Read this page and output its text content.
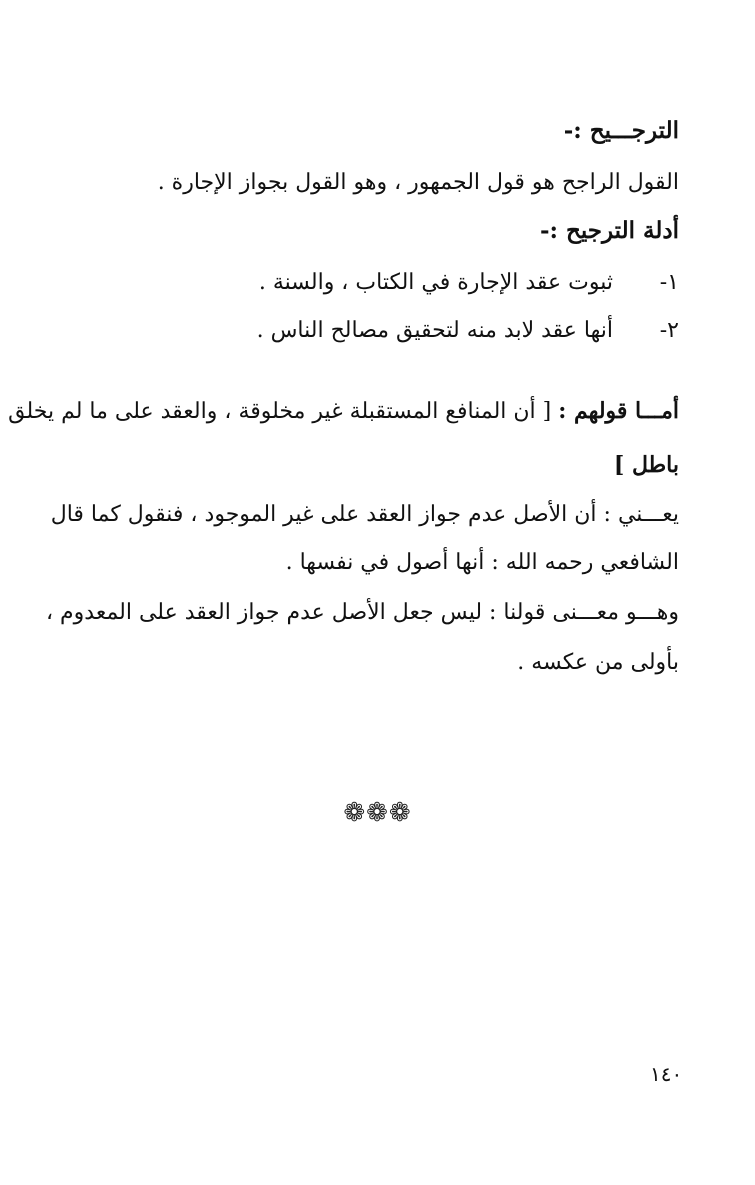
الترجـــيح :-
القول الراجح هو قول الجمهور ، وهو القول بجواز الإجارة .
أدلة الترجيح :-
١-ثبوت عقد الإجارة في الكتاب ، والسنة .
٢-أنها عقد لابد منه لتحقيق مصالح الناس .
أمـــا قولهم : [ أن المنافع المستقبلة غير مخلوقة ، والعقد على ما لم يخلق
باطل ]
يعـــني : أن الأصل عدم جواز العقد على غير الموجود ، فنقول كما قال
الشافعي رحمه الله : أنها أصول في نفسها .
وهـــو معـــنى قولنا : ليس جعل الأصل عدم جواز العقد على المعدوم ،
بأولى من عكسه .
❁❁❁
١٤٠
